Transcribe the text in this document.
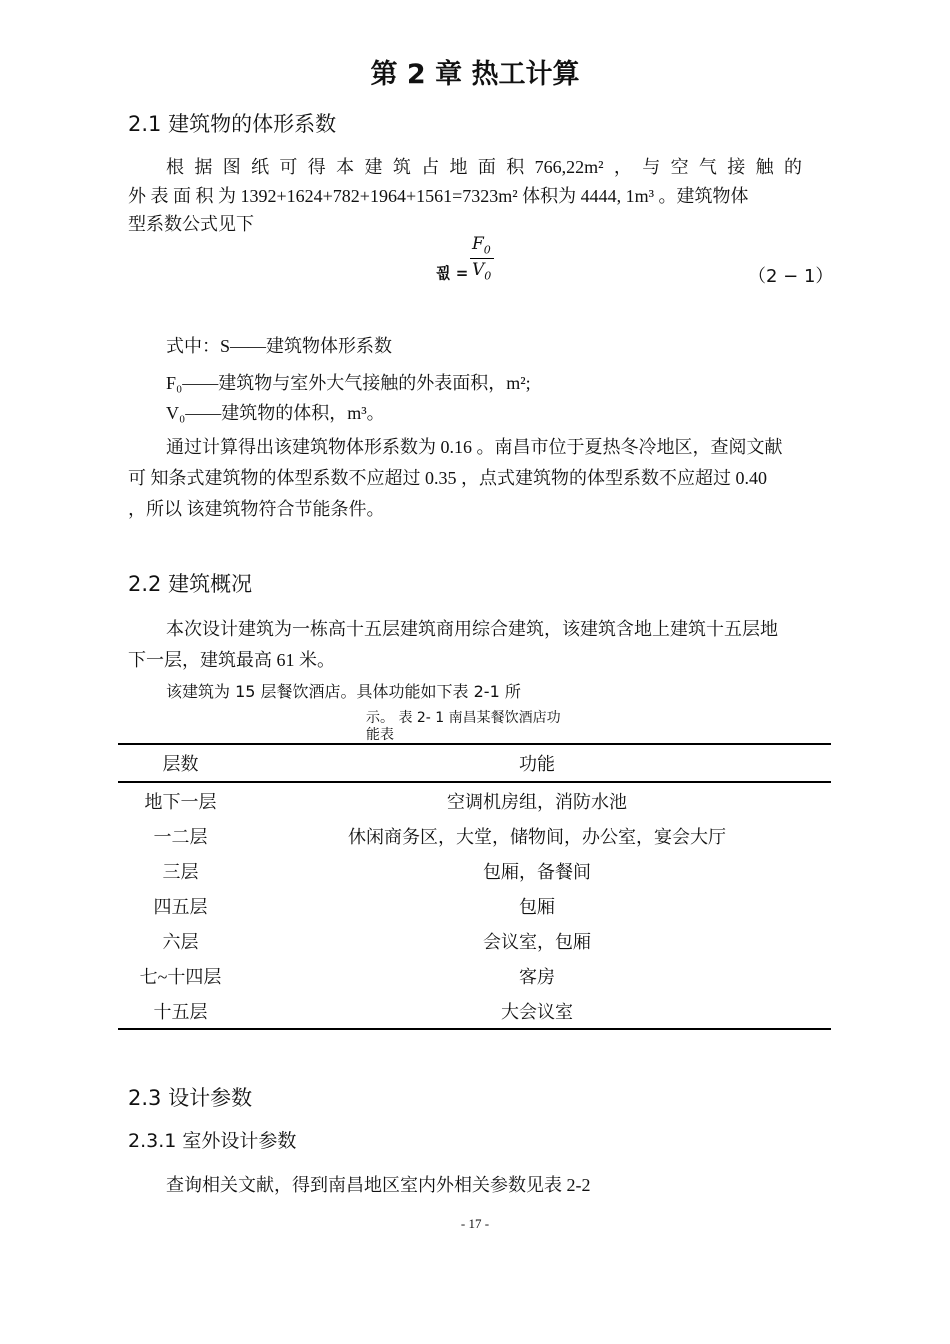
第 2 章 热工计算
2.1 建筑物的体形系数
根据图纸可得本建筑占地面积766,22m²，与空气接触的
外 表 面 积 为 1392+1624+782+1964+1561=7323m² 体积为 4444, 1m³ 。建筑物体
型系数公式见下
$F_0$
꾒 = $V_0$	（2 − 1）
式中：S——建筑物体形系数
F₀——建筑物与室外大气接触的外表面积，m²;
V₀——建筑物的体积，m³。
通过计算得出该建筑物体形系数为 0.16 。南昌市位于夏热冬冷地区，查阅文献
可 知条式建筑物的体型系数不应超过 0.35 ，点式建筑物的体型系数不应超过 0.40
，所以 该建筑物符合节能条件。
2.2 建筑概况
本次设计建筑为一栋高十五层建筑商用综合建筑，该建筑含地上建筑十五层地
下一层，建筑最高 61 米。
该建筑为 15 层餐饮酒店。具体功能如下表 2-1 所
示。 表 2- 1 南昌某餐饮酒店功
能表
层数	功能
地下一层	空调机房组，消防水池
一二层	休闲商务区，大堂，储物间，办公室，宴会大厅
三层	包厢，备餐间
四五层	包厢
六层	会议室，包厢
七~十四层	客房
十五层	大会议室
2.3 设计参数
2.3.1 室外设计参数
查询相关文献，得到南昌地区室内外相关参数见表 2-2
- 17 -
